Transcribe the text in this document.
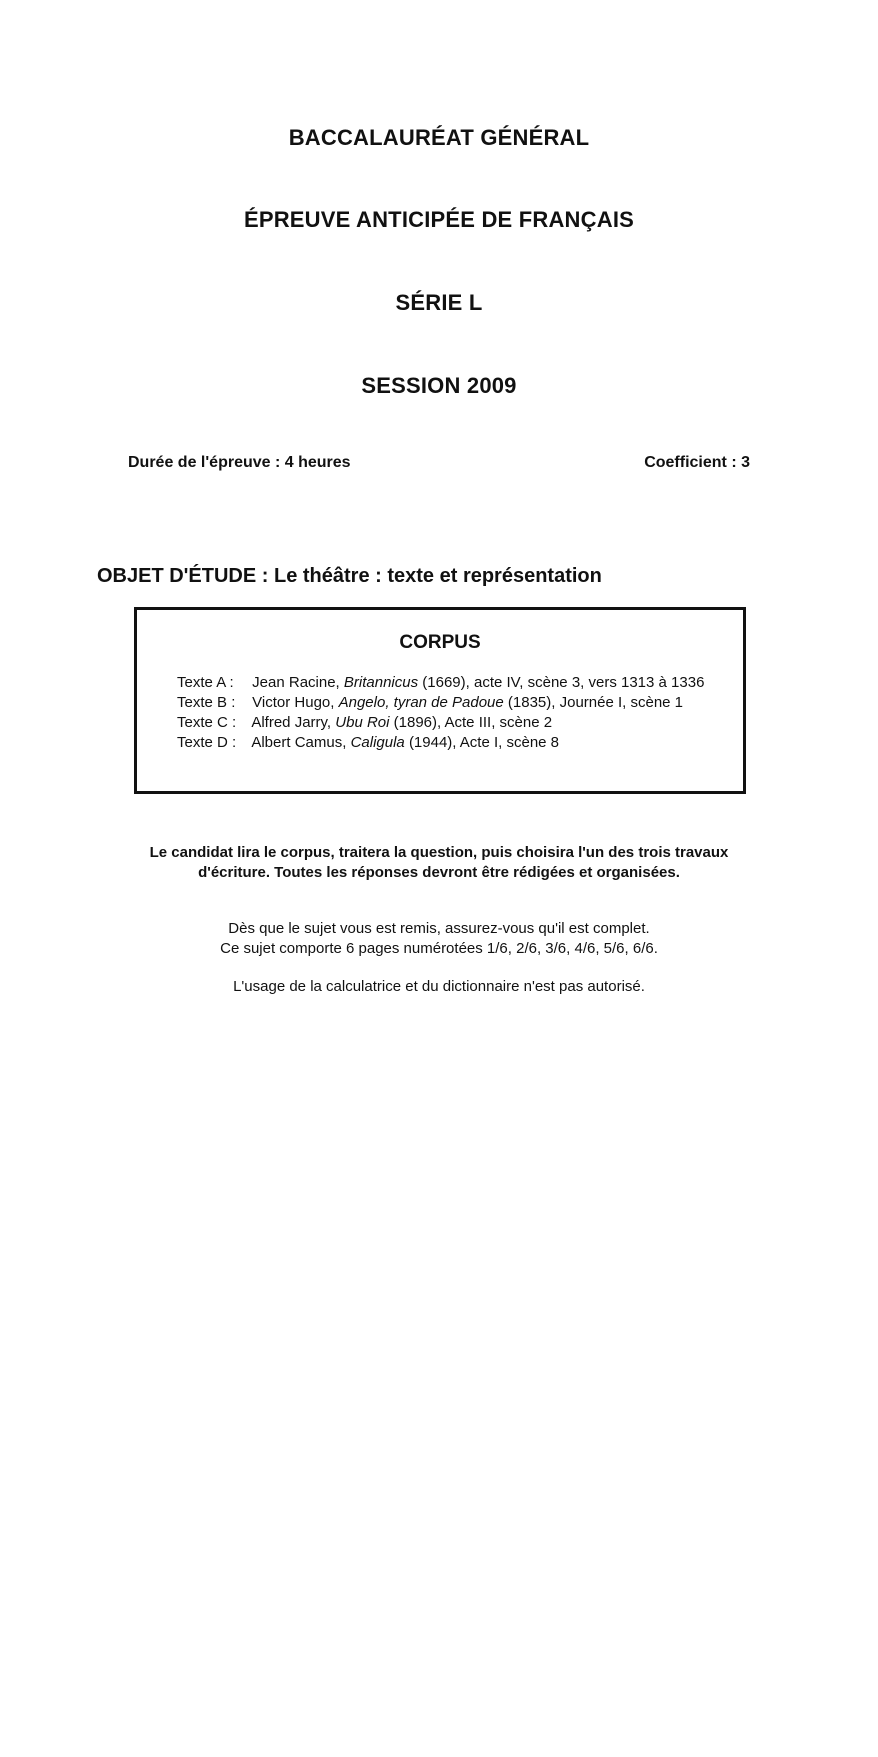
BACCALAURÉAT GÉNÉRAL
ÉPREUVE ANTICIPÉE DE FRANÇAIS
SÉRIE L
SESSION 2009
Durée de l'épreuve : 4 heures	Coefficient : 3
OBJET D'ÉTUDE : Le théâtre : texte et représentation
CORPUS
Texte A : Jean Racine, Britannicus (1669), acte IV, scène 3, vers 1313 à 1336
Texte B : Victor Hugo, Angelo, tyran de Padoue (1835), Journée I, scène 1
Texte C : Alfred Jarry, Ubu Roi (1896), Acte III, scène 2
Texte D : Albert Camus, Caligula (1944), Acte I, scène 8
Le candidat lira le corpus, traitera la question, puis choisira l'un des trois travaux
d'écriture. Toutes les réponses devront être rédigées et organisées.
Dès que le sujet vous est remis, assurez-vous qu'il est complet.
Ce sujet comporte 6 pages numérotées 1/6, 2/6, 3/6, 4/6, 5/6, 6/6.
L'usage de la calculatrice et du dictionnaire n'est pas autorisé.
